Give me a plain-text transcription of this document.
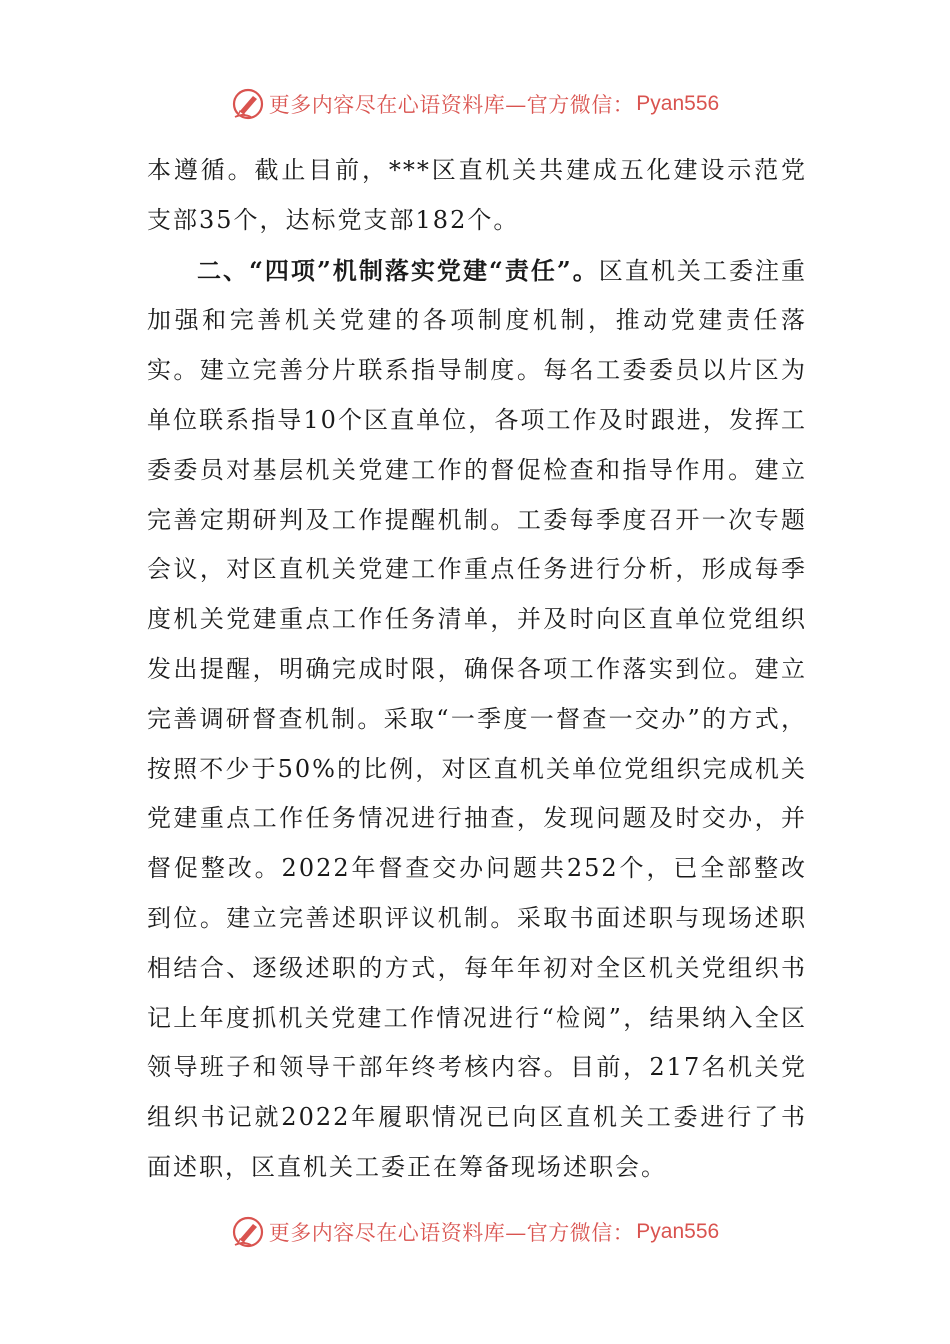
更多内容尽在心语资料库—官方微信： Pyan556

本遵循。截止目前，***区直机关共建成五化建设示范党支部35个，达标党支部182个。

二、“四项”机制落实党建“责任”。区直机关工委注重加强和完善机关党建的各项制度机制，推动党建责任落实。建立完善分片联系指导制度。每名工委委员以片区为单位联系指导10个区直单位，各项工作及时跟进，发挥工委委员对基层机关党建工作的督促检查和指导作用。建立完善定期研判及工作提醒机制。工委每季度召开一次专题会议，对区直机关党建工作重点任务进行分析，形成每季度机关党建重点工作任务清单，并及时向区直单位党组织发出提醒，明确完成时限，确保各项工作落实到位。建立完善调研督查机制。采取“一季度一督查一交办”的方式，按照不少于50%的比例，对区直机关单位党组织完成机关党建重点工作任务情况进行抽查，发现问题及时交办，并督促整改。2022年督查交办问题共252个，已全部整改到位。建立完善述职评议机制。采取书面述职与现场述职相结合、逐级述职的方式，每年年初对全区机关党组织书记上年度抓机关党建工作情况进行“检阅”，结果纳入全区领导班子和领导干部年终考核内容。目前，217名机关党组织书记就2022年履职情况已向区直机关工委进行了书面述职，区直机关工委正在筹备现场述职会。

更多内容尽在心语资料库—官方微信： Pyan556
